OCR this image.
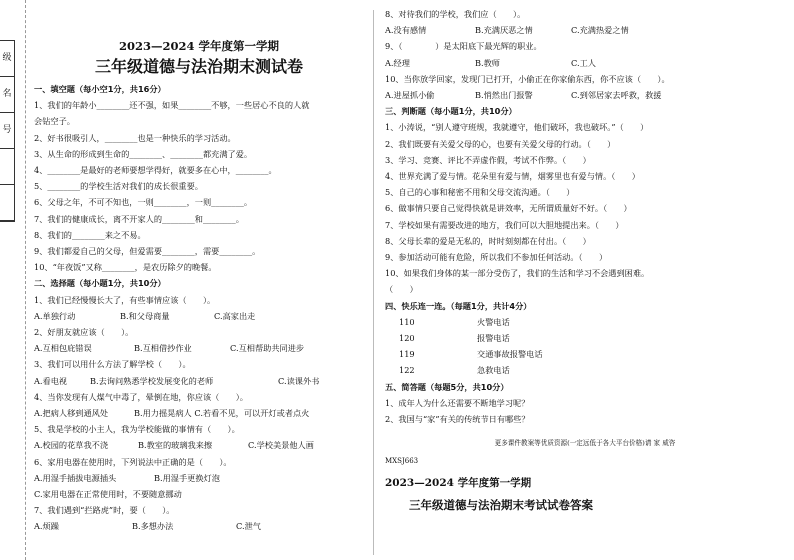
级
名
号
2023—2024 学年度第一学期
三年级道德与法治期末测试卷
一、填空题（每小空1分，共16分）
1、我们的年龄小________还不强，如果________不够，一些居心不良的人就
会钻空子。
2、好书很吸引人，________也是一种快乐的学习活动。
3、从生命的形成到生命的________、________都充满了爱。
4、________是最好的老师要想学得好，就要多在心中，________。
5、________的学校生活对我们的成长很重要。
6、父母之年，不可不知也，一则________，一则________。
7、我们的健康成长，离不开家人的________和________。
8、我们的________来之不易。
9、我们都爱自己的父母，但爱需要________，需要________。
10、“年夜饭”又称________，是农历除夕的晚餐。
二、选择题（每小题1分，共10分）
1、我们已经慢慢长大了，有些事情应该（　　）。
A.单独行动	B.和父母商量	C.高家出走
2、好朋友就应该（　　）。
A.互相包庇错误	B.互相借抄作业	C.互相帮助共同进步
3、我们可以用什么方法了解学校（　　）。
A.看电视	B.去询问熟悉学校发展变化的老师	C.读课外书
4、当你发现有人煤气中毒了，晕倒在地，你应该（　　）。
A.把病人移到通风处	B.用力摇晃病人 C.若看不见，可以开灯或者点火
5、我是学校的小主人，我为学校能做的事情有（　　）。
A.校园的花草我不浇	B.教室的玻璃我来擦	C.学校美景他人画
6、家用电器在使用时，下列说法中正确的是（　　）。
A.用湿手插拔电源插头	B.用湿手更换灯泡
C.家用电器在正常使用时，不要随意挪动
7、我们遇到“拦路虎”时，要（　　）。
A.烦躁	B.多想办法	C.泄气
8、对待我们的学校，我们应（　　）。
A.没有感情	B.充满厌恶之情	C.充满热爱之情
9、（　　　　）是太阳底下最光辉的职业。
A.经理	B.教师	C.工人
10、当你放学回家，发现门已打开，小偷正在你家偷东西，你不应该（　　）。
A.进屋抓小偷	B.悄然出门报警	C.到邻居家去呼救，救援
三、判断题（每小题1分，共10分）
1、小涛说，“别人遵守班规，我就遵守，他们破坏，我也破坏。”（　　）
2、我们既要有关爱父母的心，也要有关爱父母的行动。（　　）
3、学习、竞赛、评比不弄虚作假，考试不作弊。（　　）
4、世界充满了爱与情。花朵里有爱与情，烟雾里也有爱与情。（　　）
5、自己的心事和秘密不用和父母交流沟通。（　　）
6、做事情只要自己觉得快就是讲效率，无所谓质量好不好。（　　）
7、学校如果有需要改进的地方，我们可以大胆地提出来。（　　）
8、父母长辈的爱是无私的，时时刻刻都在付出。（　　）
9、参加活动可能有危险，所以我们不参加任何活动。（　　）
10、如果我们身体的某一部分受伤了，我们的生活和学习不会遇到困难。
（　　）
四、快乐连一连。（每题1分，共计4分）
110	火警电话
120	报警电话
119	交通事故报警电话
122	急救电话
五、简答题（每题5分，共10分）
1、成年人为什么还需要不断地学习呢？
2、我国与“家”有关的传统节日有哪些？
更多课件教案等优质资源(一定远低于各大平台价格)请 家 威咨
MXSJ663
2023—2024 学年度第一学期
三年级道德与法治期末考试试卷答案
